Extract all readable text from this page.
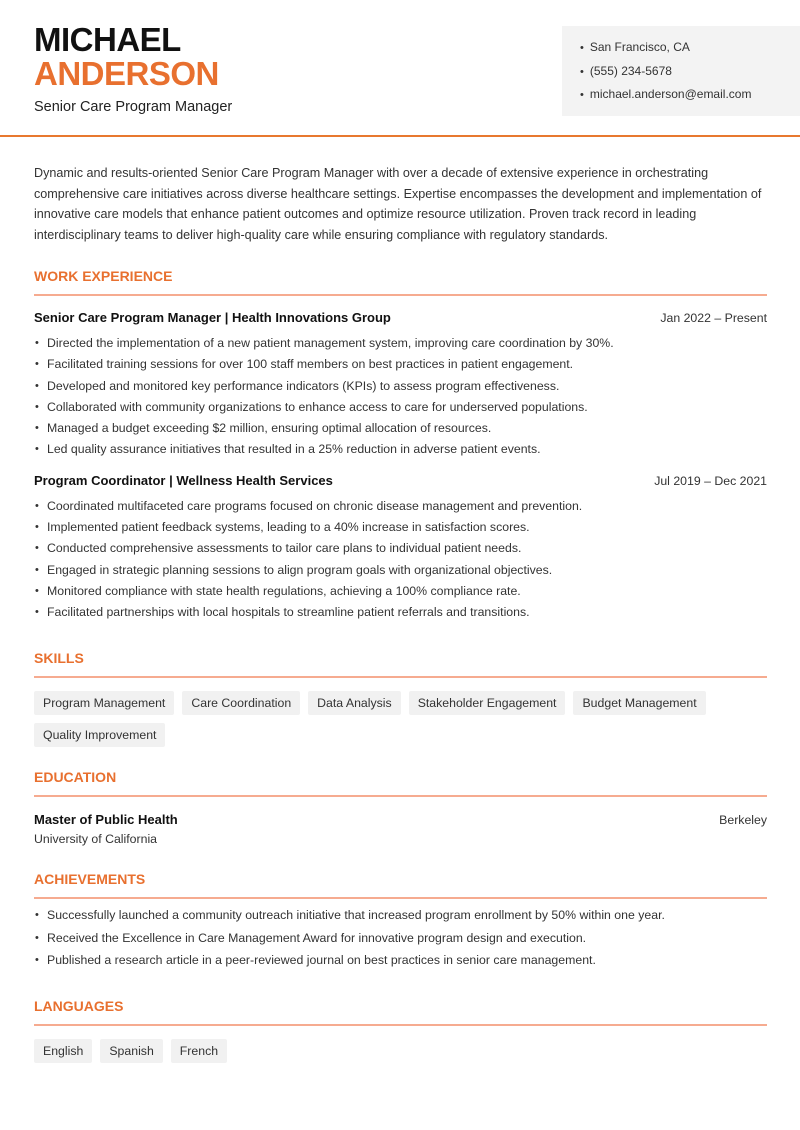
MICHAEL
ANDERSON
Senior Care Program Manager
• San Francisco, CA
• (555) 234-5678
• michael.anderson@email.com

Dynamic and results-oriented Senior Care Program Manager with over a decade of extensive experience in orchestrating comprehensive care initiatives across diverse healthcare settings. Expertise encompasses the development and implementation of innovative care models that enhance patient outcomes and optimize resource utilization. Proven track record in leading interdisciplinary teams to deliver high-quality care while ensuring compliance with regulatory standards.

WORK EXPERIENCE
Senior Care Program Manager | Health Innovations Group	Jan 2022 – Present
• Directed the implementation of a new patient management system, improving care coordination by 30%.
• Facilitated training sessions for over 100 staff members on best practices in patient engagement.
• Developed and monitored key performance indicators (KPIs) to assess program effectiveness.
• Collaborated with community organizations to enhance access to care for underserved populations.
• Managed a budget exceeding $2 million, ensuring optimal allocation of resources.
• Led quality assurance initiatives that resulted in a 25% reduction in adverse patient events.
Program Coordinator | Wellness Health Services	Jul 2019 – Dec 2021
• Coordinated multifaceted care programs focused on chronic disease management and prevention.
• Implemented patient feedback systems, leading to a 40% increase in satisfaction scores.
• Conducted comprehensive assessments to tailor care plans to individual patient needs.
• Engaged in strategic planning sessions to align program goals with organizational objectives.
• Monitored compliance with state health regulations, achieving a 100% compliance rate.
• Facilitated partnerships with local hospitals to streamline patient referrals and transitions.
SKILLS
Program Management	Care Coordination	Data Analysis	Stakeholder Engagement	Budget Management
Quality Improvement
EDUCATION
Master of Public Health	Berkeley
University of California
ACHIEVEMENTS
• Successfully launched a community outreach initiative that increased program enrollment by 50% within one year.
• Received the Excellence in Care Management Award for innovative program design and execution.
• Published a research article in a peer-reviewed journal on best practices in senior care management.
LANGUAGES
English	Spanish	French
